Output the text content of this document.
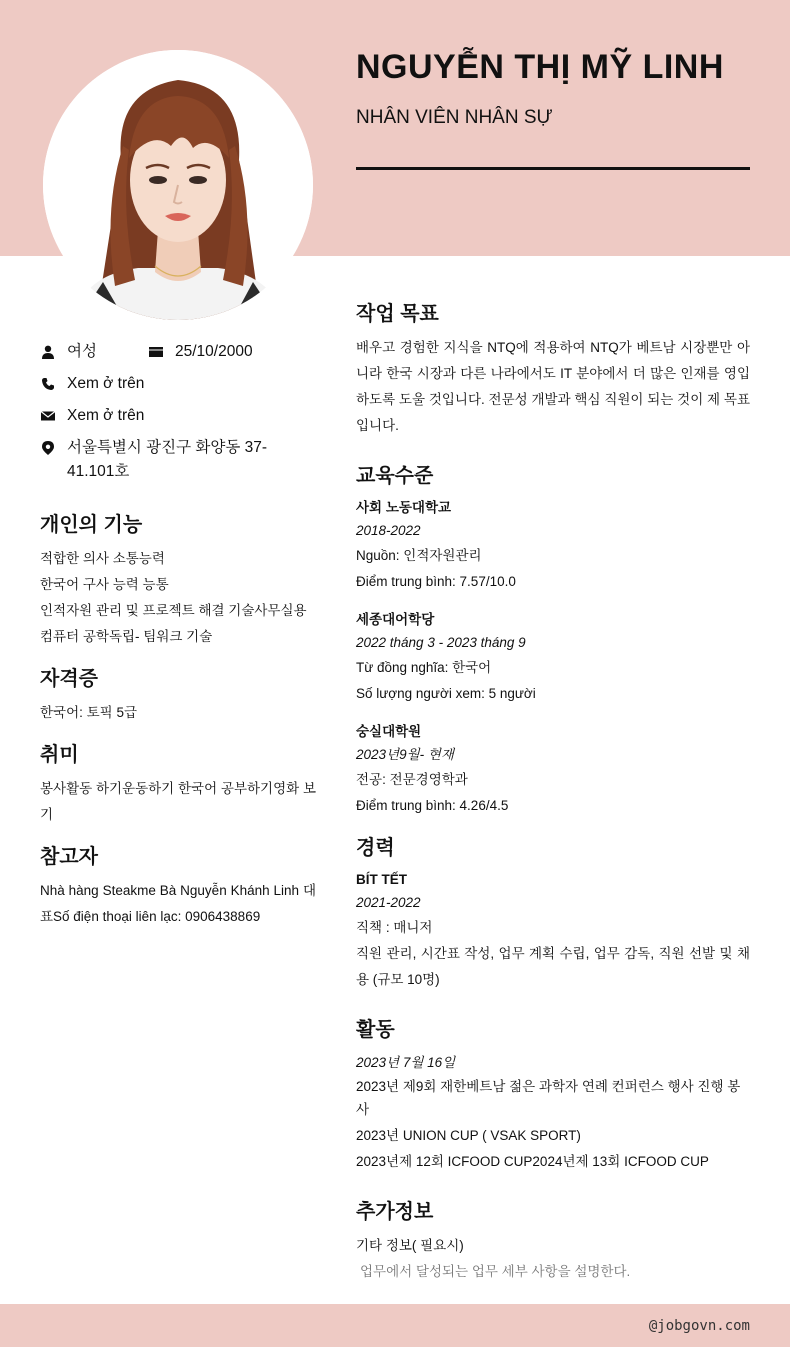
NGUYỄN THỊ MỸ LINH
NHÂN VIÊN NHÂN SỰ
여성	25/10/2000
Xem ở trên
Xem ở trên
서울특별시 광진구 화양동 37-41.101호
개인의 기능
적합한 의사 소통능력
한국어 구사 능력 능통
인적자원 관리 및 프로젝트 해결 기술사무실용 컴퓨터 공학독립- 팀워크 기술
자격증
한국어: 토픽 5급
취미
봉사활동 하기운동하기 한국어 공부하기영화 보기
참고자
Nhà hàng Steakme Bà Nguyễn Khánh Linh 대표Số điện thoại liên lạc: 0906438869
작업 목표
배우고 경험한 지식을 NTQ에 적용하여 NTQ가 베트남 시장뿐만 아니라 한국 시장과 다른 나라에서도 IT 분야에서 더 많은 인재를 영입하도록 도울 것입니다. 전문성 개발과 핵심 직원이 되는 것이 제 목표입니다.
교육수준
사회 노동대학교
2018-2022
Nguồn: 인적자원관리
Điểm trung bình: 7.57/10.0
세종대어학당
2022 tháng 3 - 2023 tháng 9
Từ đồng nghĩa: 한국어
Số lượng người xem: 5 người
숭실대학원
2023년9월- 현재
전공: 전문경영학과
Điểm trung bình: 4.26/4.5
경력
BÍT TẾT
2021-2022
직책 : 매니저
직원 관리, 시간표 작성, 업무 계획 수립, 업무 감독, 직원 선발 및 채용 (규모 10명)
활동
2023년 7월 16일
2023년 제9회 재한베트남 젊은 과학자 연례 컨퍼런스 행사 진행 봉사
2023년 UNION CUP ( VSAK SPORT)
2023년제 12회 ICFOOD CUP2024년제 13회 ICFOOD CUP
추가정보
기타 정보( 필요시)
업무에서 달성되는 업무 세부 사항을 설명한다.
@jobgovn.com
